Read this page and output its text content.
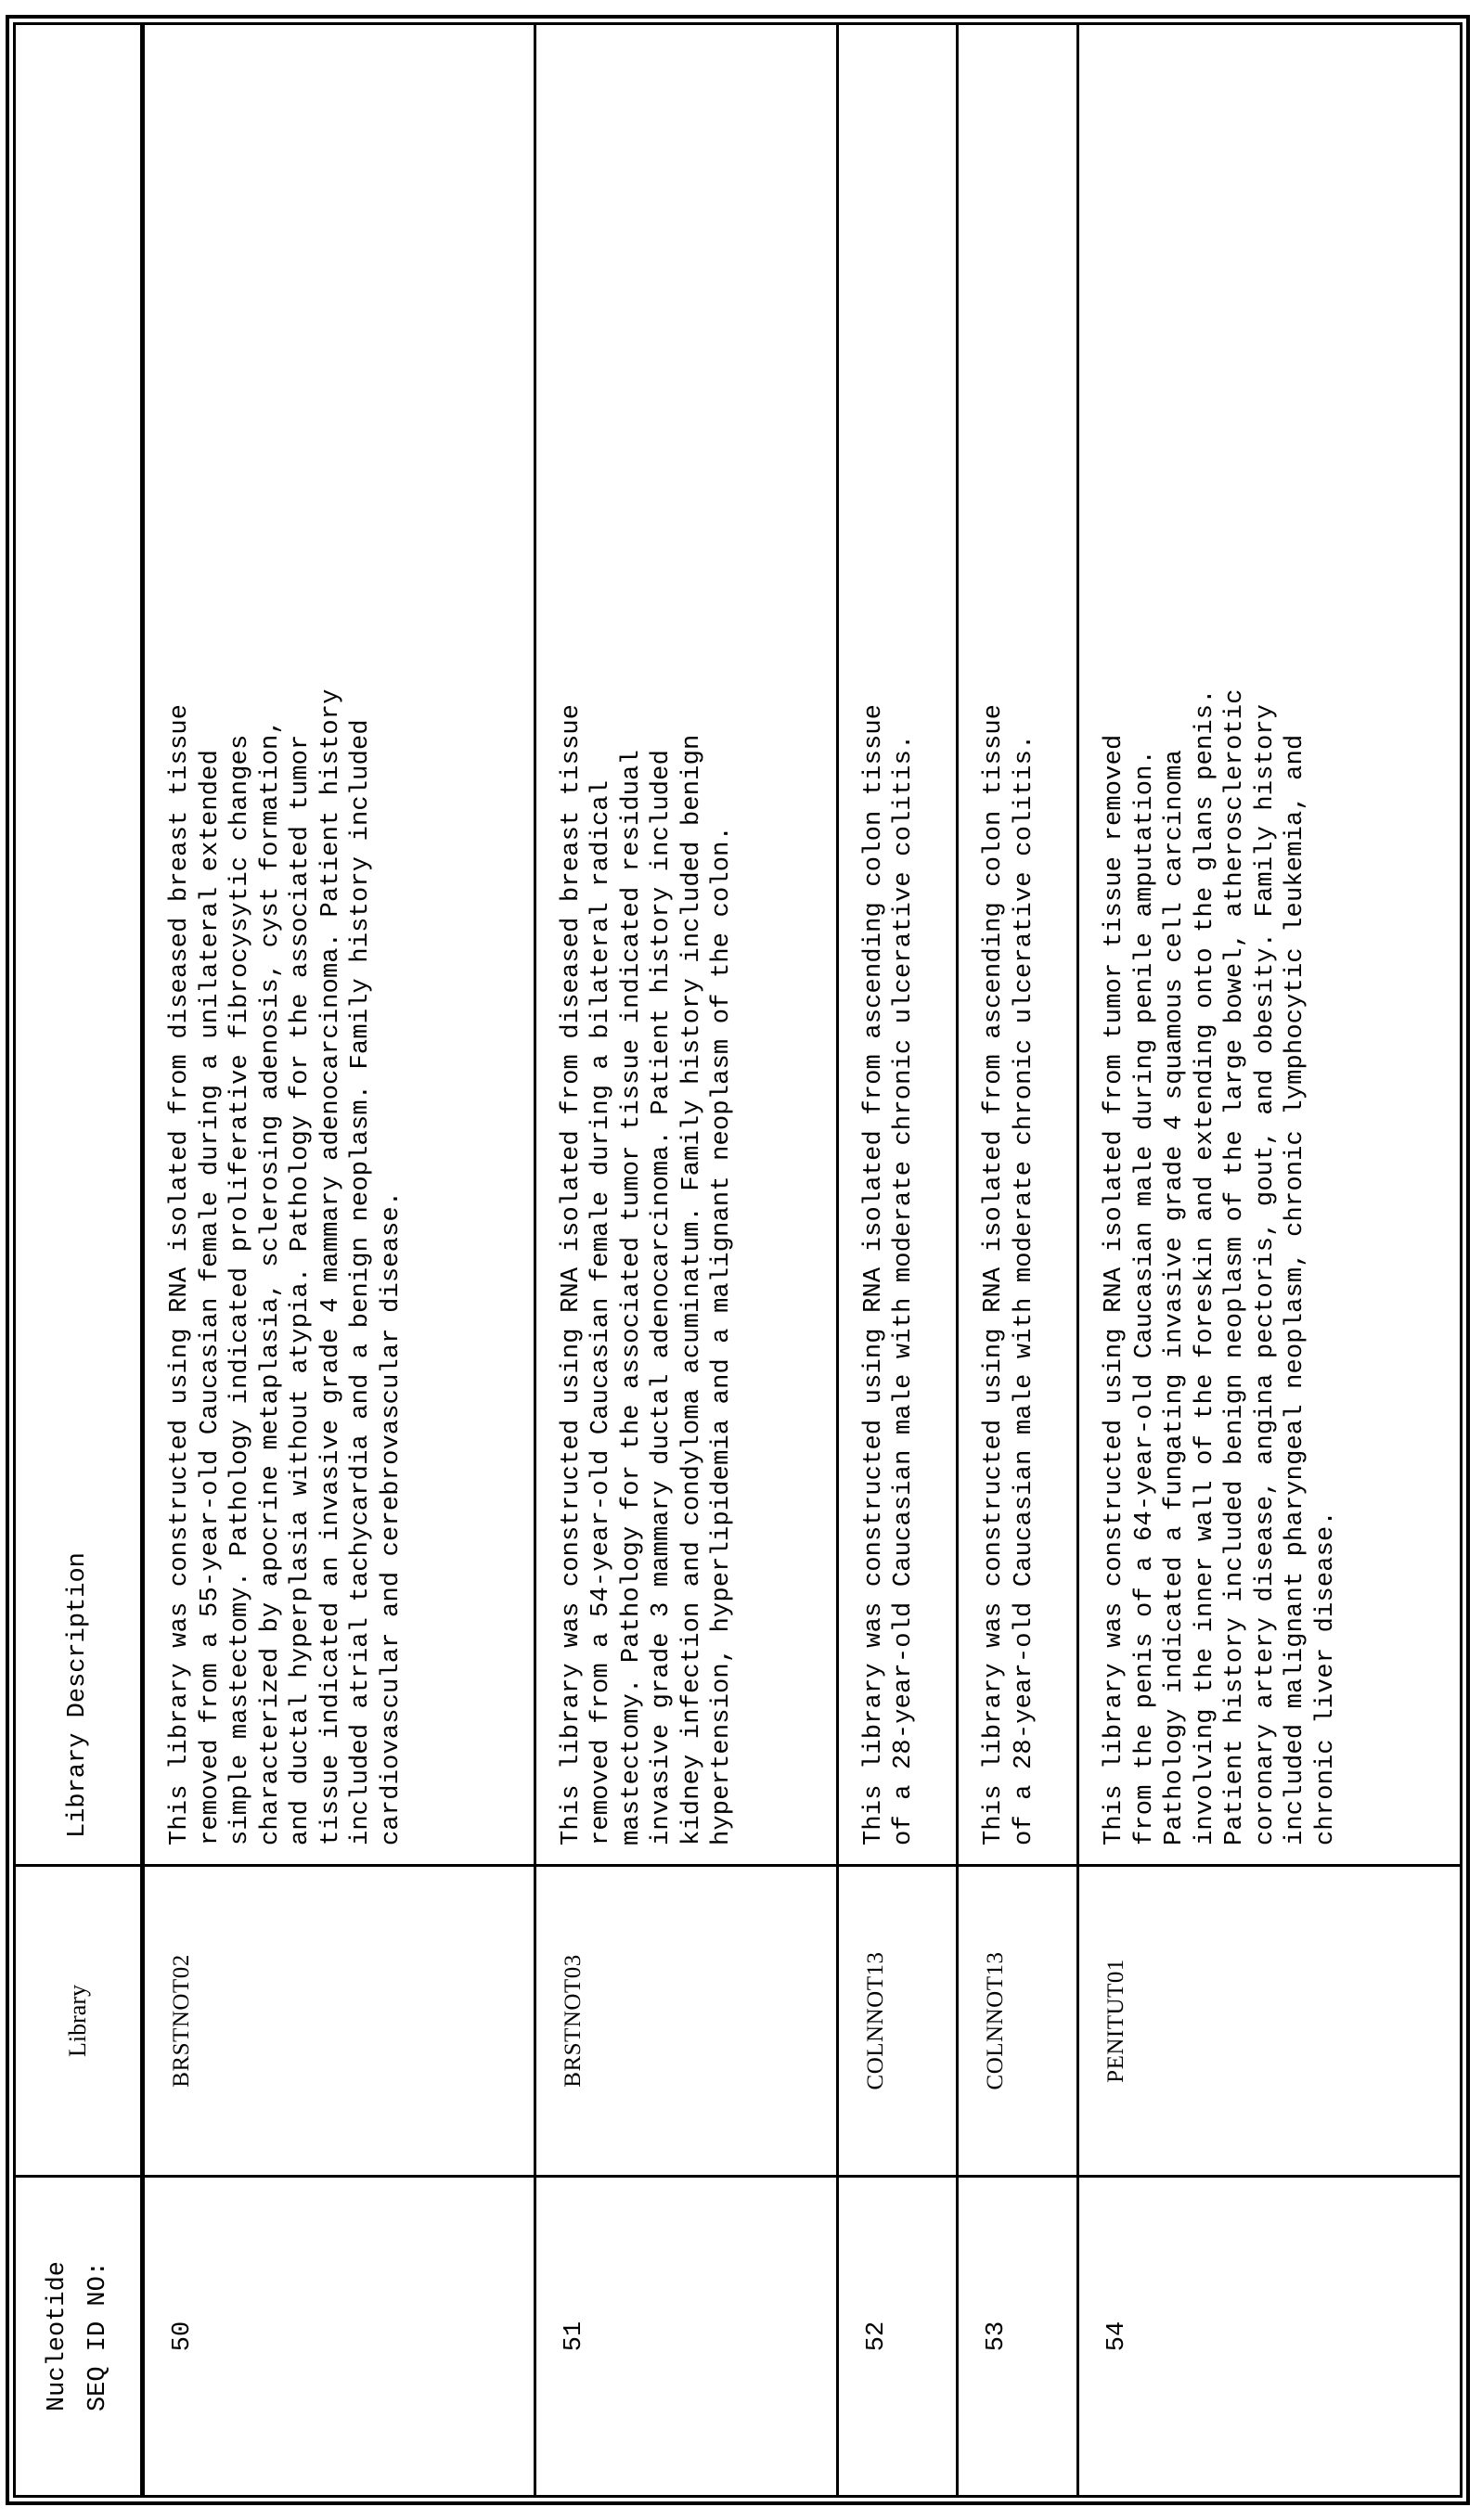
Nucleotide
SEQ ID NO:	Library	Library Description
50	BRSTNOT02	This library was constructed using RNA isolated from diseased breast tissue
removed from a 55-year-old Caucasian female during a unilateral extended
simple mastectomy. Pathology indicated proliferative fibrocysytic changes
characterized by apocrine metaplasia, sclerosing adenosis, cyst formation,
and ductal hyperplasia without atypia. Pathology for the associated tumor
tissue indicated an invasive grade 4 mammary adenocarcinoma. Patient history
included atrial tachycardia and a benign neoplasm. Family history included
cardiovascular and cerebrovascular disease.
51	BRSTNOT03	This library was constructed using RNA isolated from diseased breast tissue
removed from a 54-year-old Caucasian female during a bilateral radical
mastectomy. Pathology for the associated tumor tissue indicated residual
invasive grade 3 mammary ductal adenocarcinoma. Patient history included
kidney infection and condyloma acuminatum. Family history included benign
hypertension, hyperlipidemia and a malignant neoplasm of the colon.
52	COLNNOT13	This library was constructed using RNA isolated from ascending colon tissue
of a 28-year-old Caucasian male with moderate chronic ulcerative colitis.
53	COLNNOT13	This library was constructed using RNA isolated from ascending colon tissue
of a 28-year-old Caucasian male with moderate chronic ulcerative colitis.
54	PENITUT01	This library was constructed using RNA isolated from tumor tissue removed
from the penis of a 64-year-old Caucasian male during penile amputation.
Pathology indicated a fungating invasive grade 4 squamous cell carcinoma
involving the inner wall of the foreskin and extending onto the glans penis.
Patient history included benign neoplasm of the large bowel, atherosclerotic
coronary artery disease, angina pectoris, gout, and obesity. Family history
included malignant pharyngeal neoplasm, chronic lymphocytic leukemia, and
chronic liver disease.
